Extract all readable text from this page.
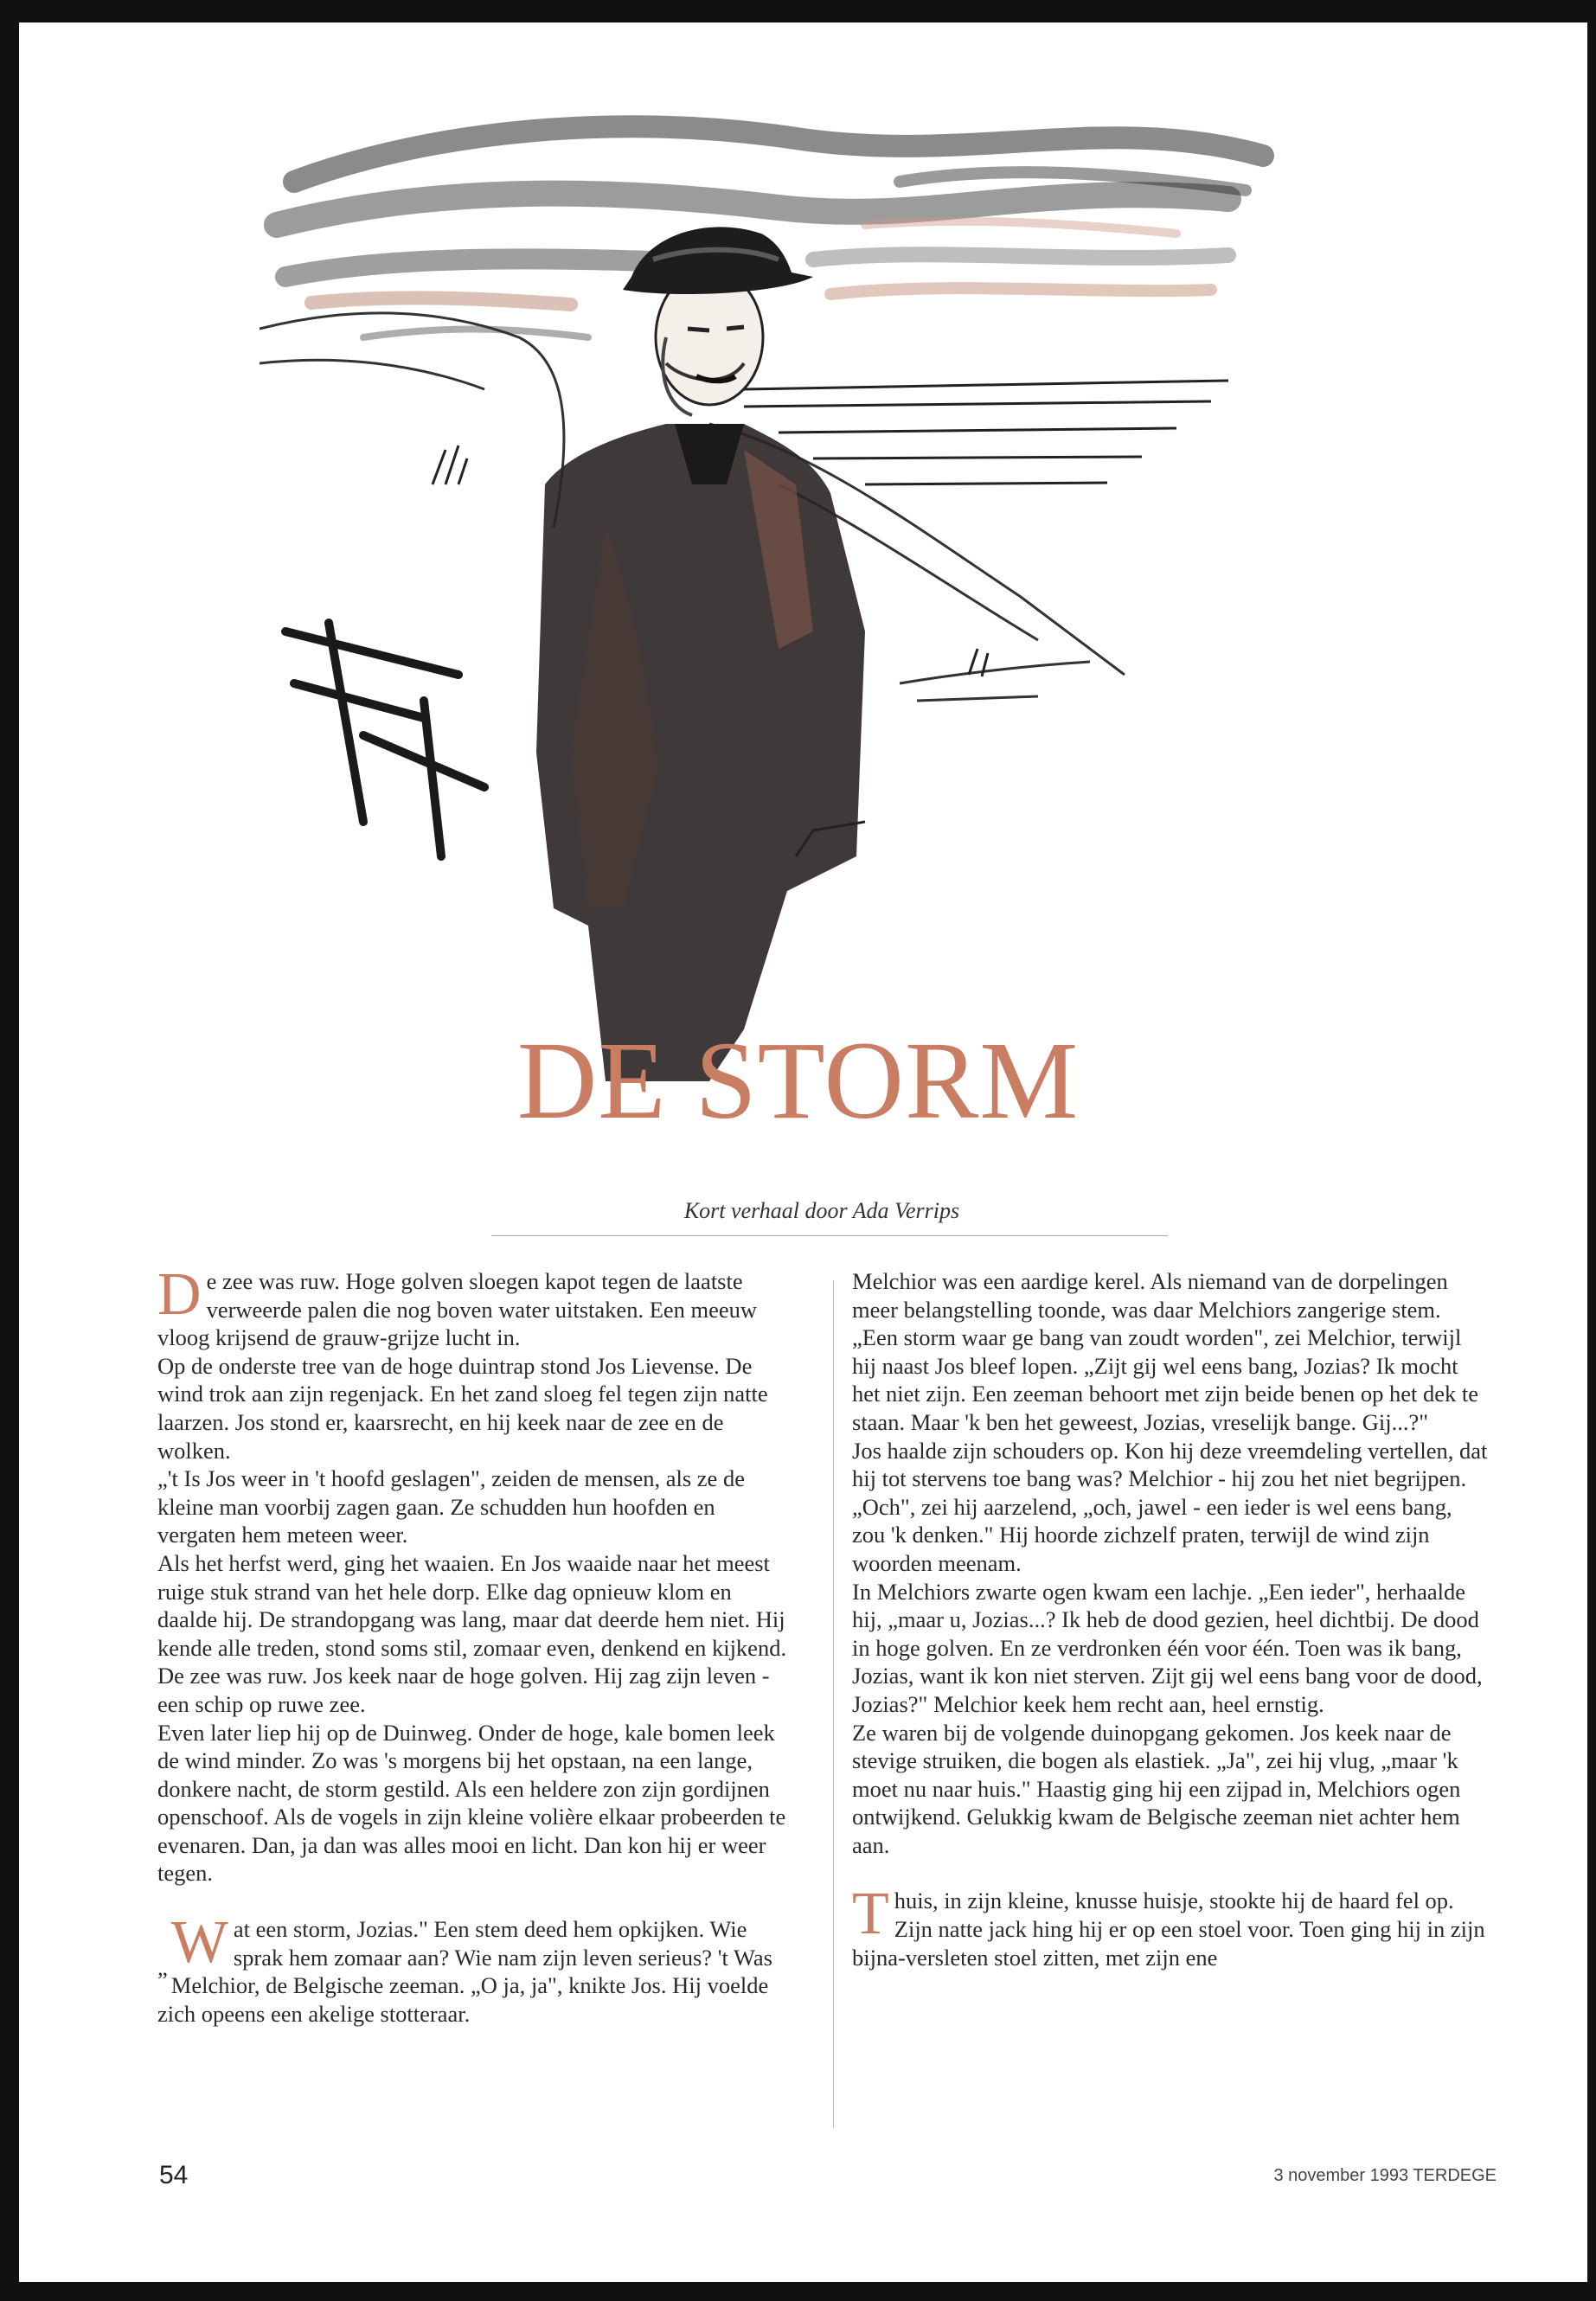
DE STORM
Kort verhaal door Ada Verrips

De zee was ruw. Hoge golven sloegen kapot tegen de laatste verweerde palen die nog boven water uitstaken. Een meeuw vloog krijsend de grauw-grijze lucht in.

Op de onderste tree van de hoge duintrap stond Jos Lievense. De wind trok aan zijn regenjack. En het zand sloeg fel tegen zijn natte laarzen. Jos stond er, kaarsrecht, en hij keek naar de zee en de wolken.

„'t Is Jos weer in 't hoofd geslagen", zeiden de mensen, als ze de kleine man voorbij zagen gaan. Ze schudden hun hoofden en vergaten hem meteen weer.

Als het herfst werd, ging het waaien. En Jos waaide naar het meest ruige stuk strand van het hele dorp. Elke dag opnieuw klom en daalde hij. De strandopgang was lang, maar dat deerde hem niet. Hij kende alle treden, stond soms stil, zomaar even, denkend en kijkend.

De zee was ruw. Jos keek naar de hoge golven. Hij zag zijn leven - een schip op ruwe zee.

Even later liep hij op de Duinweg. Onder de hoge, kale bomen leek de wind minder. Zo was 's morgens bij het opstaan, na een lange, donkere nacht, de storm gestild. Als een heldere zon zijn gordijnen openschoof. Als de vogels in zijn kleine volière elkaar probeerden te evenaren. Dan, ja dan was alles mooi en licht. Dan kon hij er weer tegen.

„ W at een storm, Jozias." Een stem deed hem opkijken. Wie sprak hem zomaar aan? Wie nam zijn leven serieus? 't Was Melchior, de Belgische zeeman. „O ja, ja", knikte Jos. Hij voelde zich opeens een akelige stotteraar.

Melchior was een aardige kerel. Als niemand van de dorpelingen meer belangstelling toonde, was daar Melchiors zangerige stem.

„Een storm waar ge bang van zoudt worden", zei Melchior, terwijl hij naast Jos bleef lopen. „Zijt gij wel eens bang, Jozias? Ik mocht het niet zijn. Een zeeman behoort met zijn beide benen op het dek te staan. Maar 'k ben het geweest, Jozias, vreselijk bange. Gij...?"

Jos haalde zijn schouders op. Kon hij deze vreemdeling vertellen, dat hij tot stervens toe bang was? Melchior - hij zou het niet begrijpen. „Och", zei hij aarzelend, „och, jawel - een ieder is wel eens bang, zou 'k denken." Hij hoorde zichzelf praten, terwijl de wind zijn woorden meenam.

In Melchiors zwarte ogen kwam een lachje. „Een ieder", herhaalde hij, „maar u, Jozias...? Ik heb de dood gezien, heel dichtbij. De dood in hoge golven. En ze verdronken één voor één. Toen was ik bang, Jozias, want ik kon niet sterven. Zijt gij wel eens bang voor de dood, Jozias?" Melchior keek hem recht aan, heel ernstig.

Ze waren bij de volgende duinopgang gekomen. Jos keek naar de stevige struiken, die bogen als elastiek. „Ja", zei hij vlug, „maar 'k moet nu naar huis." Haastig ging hij een zijpad in, Melchiors ogen ontwijkend. Gelukkig kwam de Belgische zeeman niet achter hem aan.

Thuis, in zijn kleine, knusse huisje, stookte hij de haard fel op. Zijn natte jack hing hij er op een stoel voor. Toen ging hij in zijn bijna-versleten stoel zitten, met zijn ene

54	3 november 1993 TERDEGE
